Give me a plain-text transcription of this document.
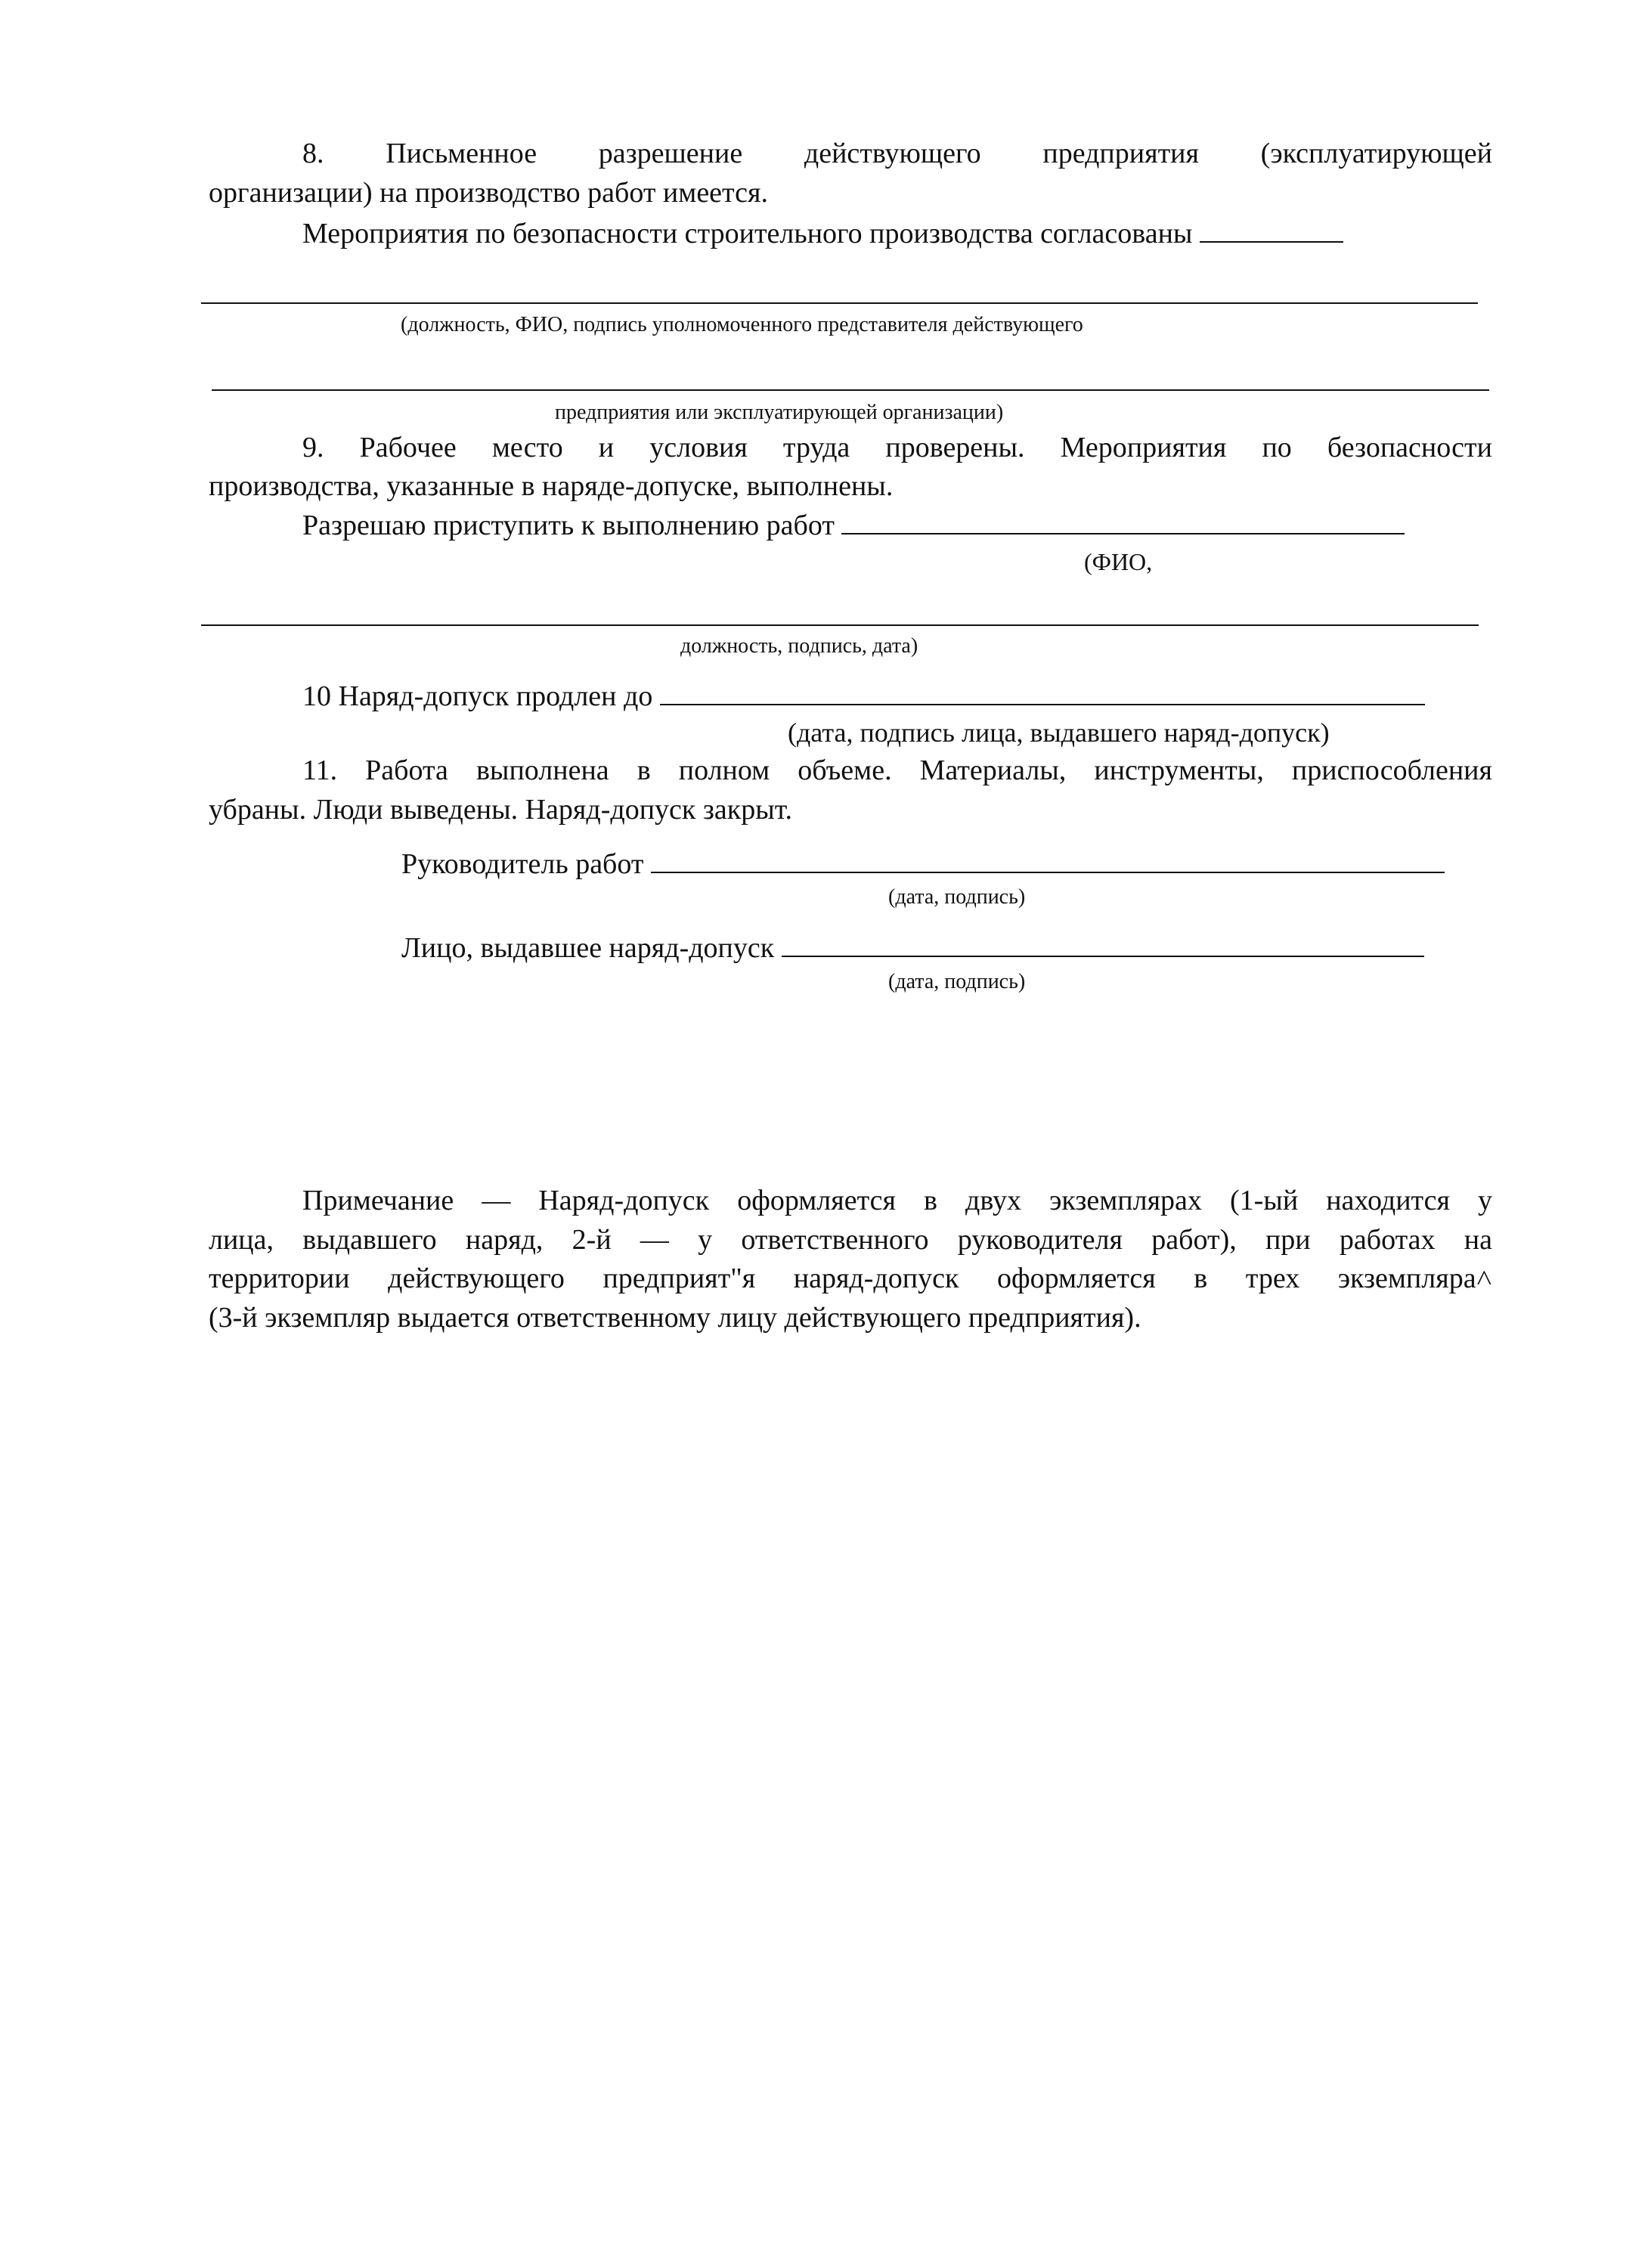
8. Письменное разрешение действующего предприятия (эксплуатирующей
организации) на производство работ имеется.
Мероприятия по безопасности строительного производства согласованы
(должность, ФИО, подпись уполномоченного представителя действующего
предприятия или эксплуатирующей организации)
9. Рабочее место и условия труда проверены. Мероприятия по безопасности
производства, указанные в наряде-допуске, выполнены.
Разрешаю приступить к выполнению работ
(ФИО,
должность, подпись, дата)
10 Наряд-допуск продлен до
(дата, подпись лица, выдавшего наряд-допуск)
11. Работа выполнена в полном объеме. Материалы, инструменты, приспособления
убраны. Люди выведены. Наряд-допуск закрыт.
Руководитель работ
(дата, подпись)
Лицо, выдавшее наряд-допуск
(дата, подпись)
Примечание — Наряд-допуск оформляется в двух экземплярах (1-ый находится у
лица, выдавшего наряд, 2-й — у ответственного руководителя работ), при работах на
территории действующего предприят"я наряд-допуск оформляется в трех экземпляра˄
(3-й экземпляр выдается ответственному лицу действующего предприятия).
